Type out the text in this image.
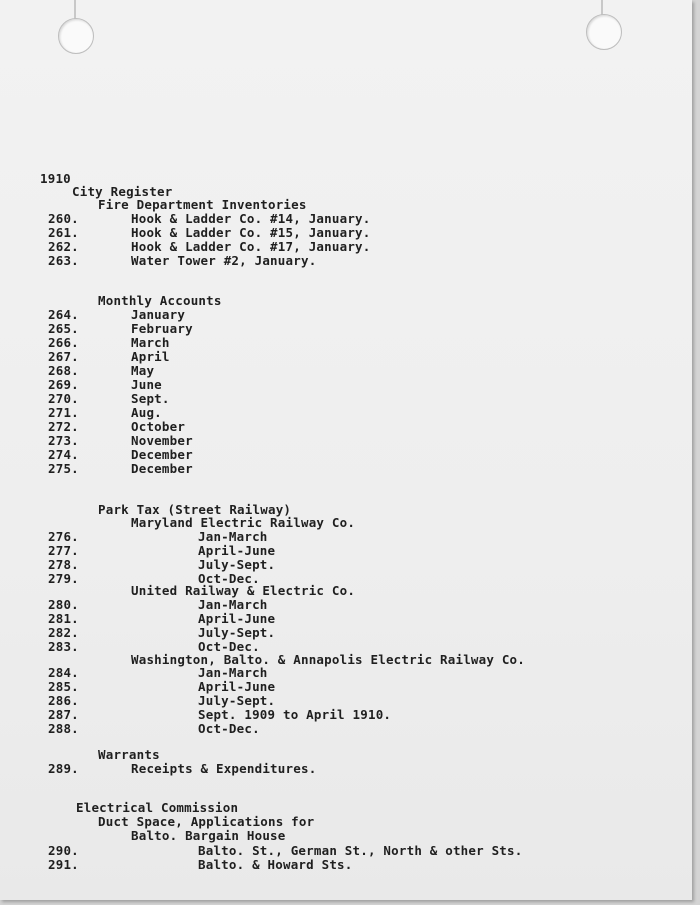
1910
City Register
Fire Department Inventories
260.	Hook & Ladder Co. #14, January.
261.	Hook & Ladder Co. #15, January.
262.	Hook & Ladder Co. #17, January.
263.	Water Tower #2, January.
Monthly Accounts
264.	January
265.	February
266.	March
267.	April
268.	May
269.	June
270.	Sept.
271.	Aug.
272.	October
273.	November
274.	December
275.	December
Park Tax (Street Railway)
Maryland Electric Railway Co.
276.	Jan-March
277.	April-June
278.	July-Sept.
279.	Oct-Dec.
United Railway & Electric Co.
280.	Jan-March
281.	April-June
282.	July-Sept.
283.	Oct-Dec.
Washington, Balto. & Annapolis Electric Railway Co.
284.	Jan-March
285.	April-June
286.	July-Sept.
287.	Sept. 1909 to April 1910.
288.	Oct-Dec.
Warrants
289.	Receipts & Expenditures.
Electrical Commission
Duct Space, Applications for
Balto. Bargain House
290.	Balto. St., German St., North & other Sts.
291.	Balto. & Howard Sts.
